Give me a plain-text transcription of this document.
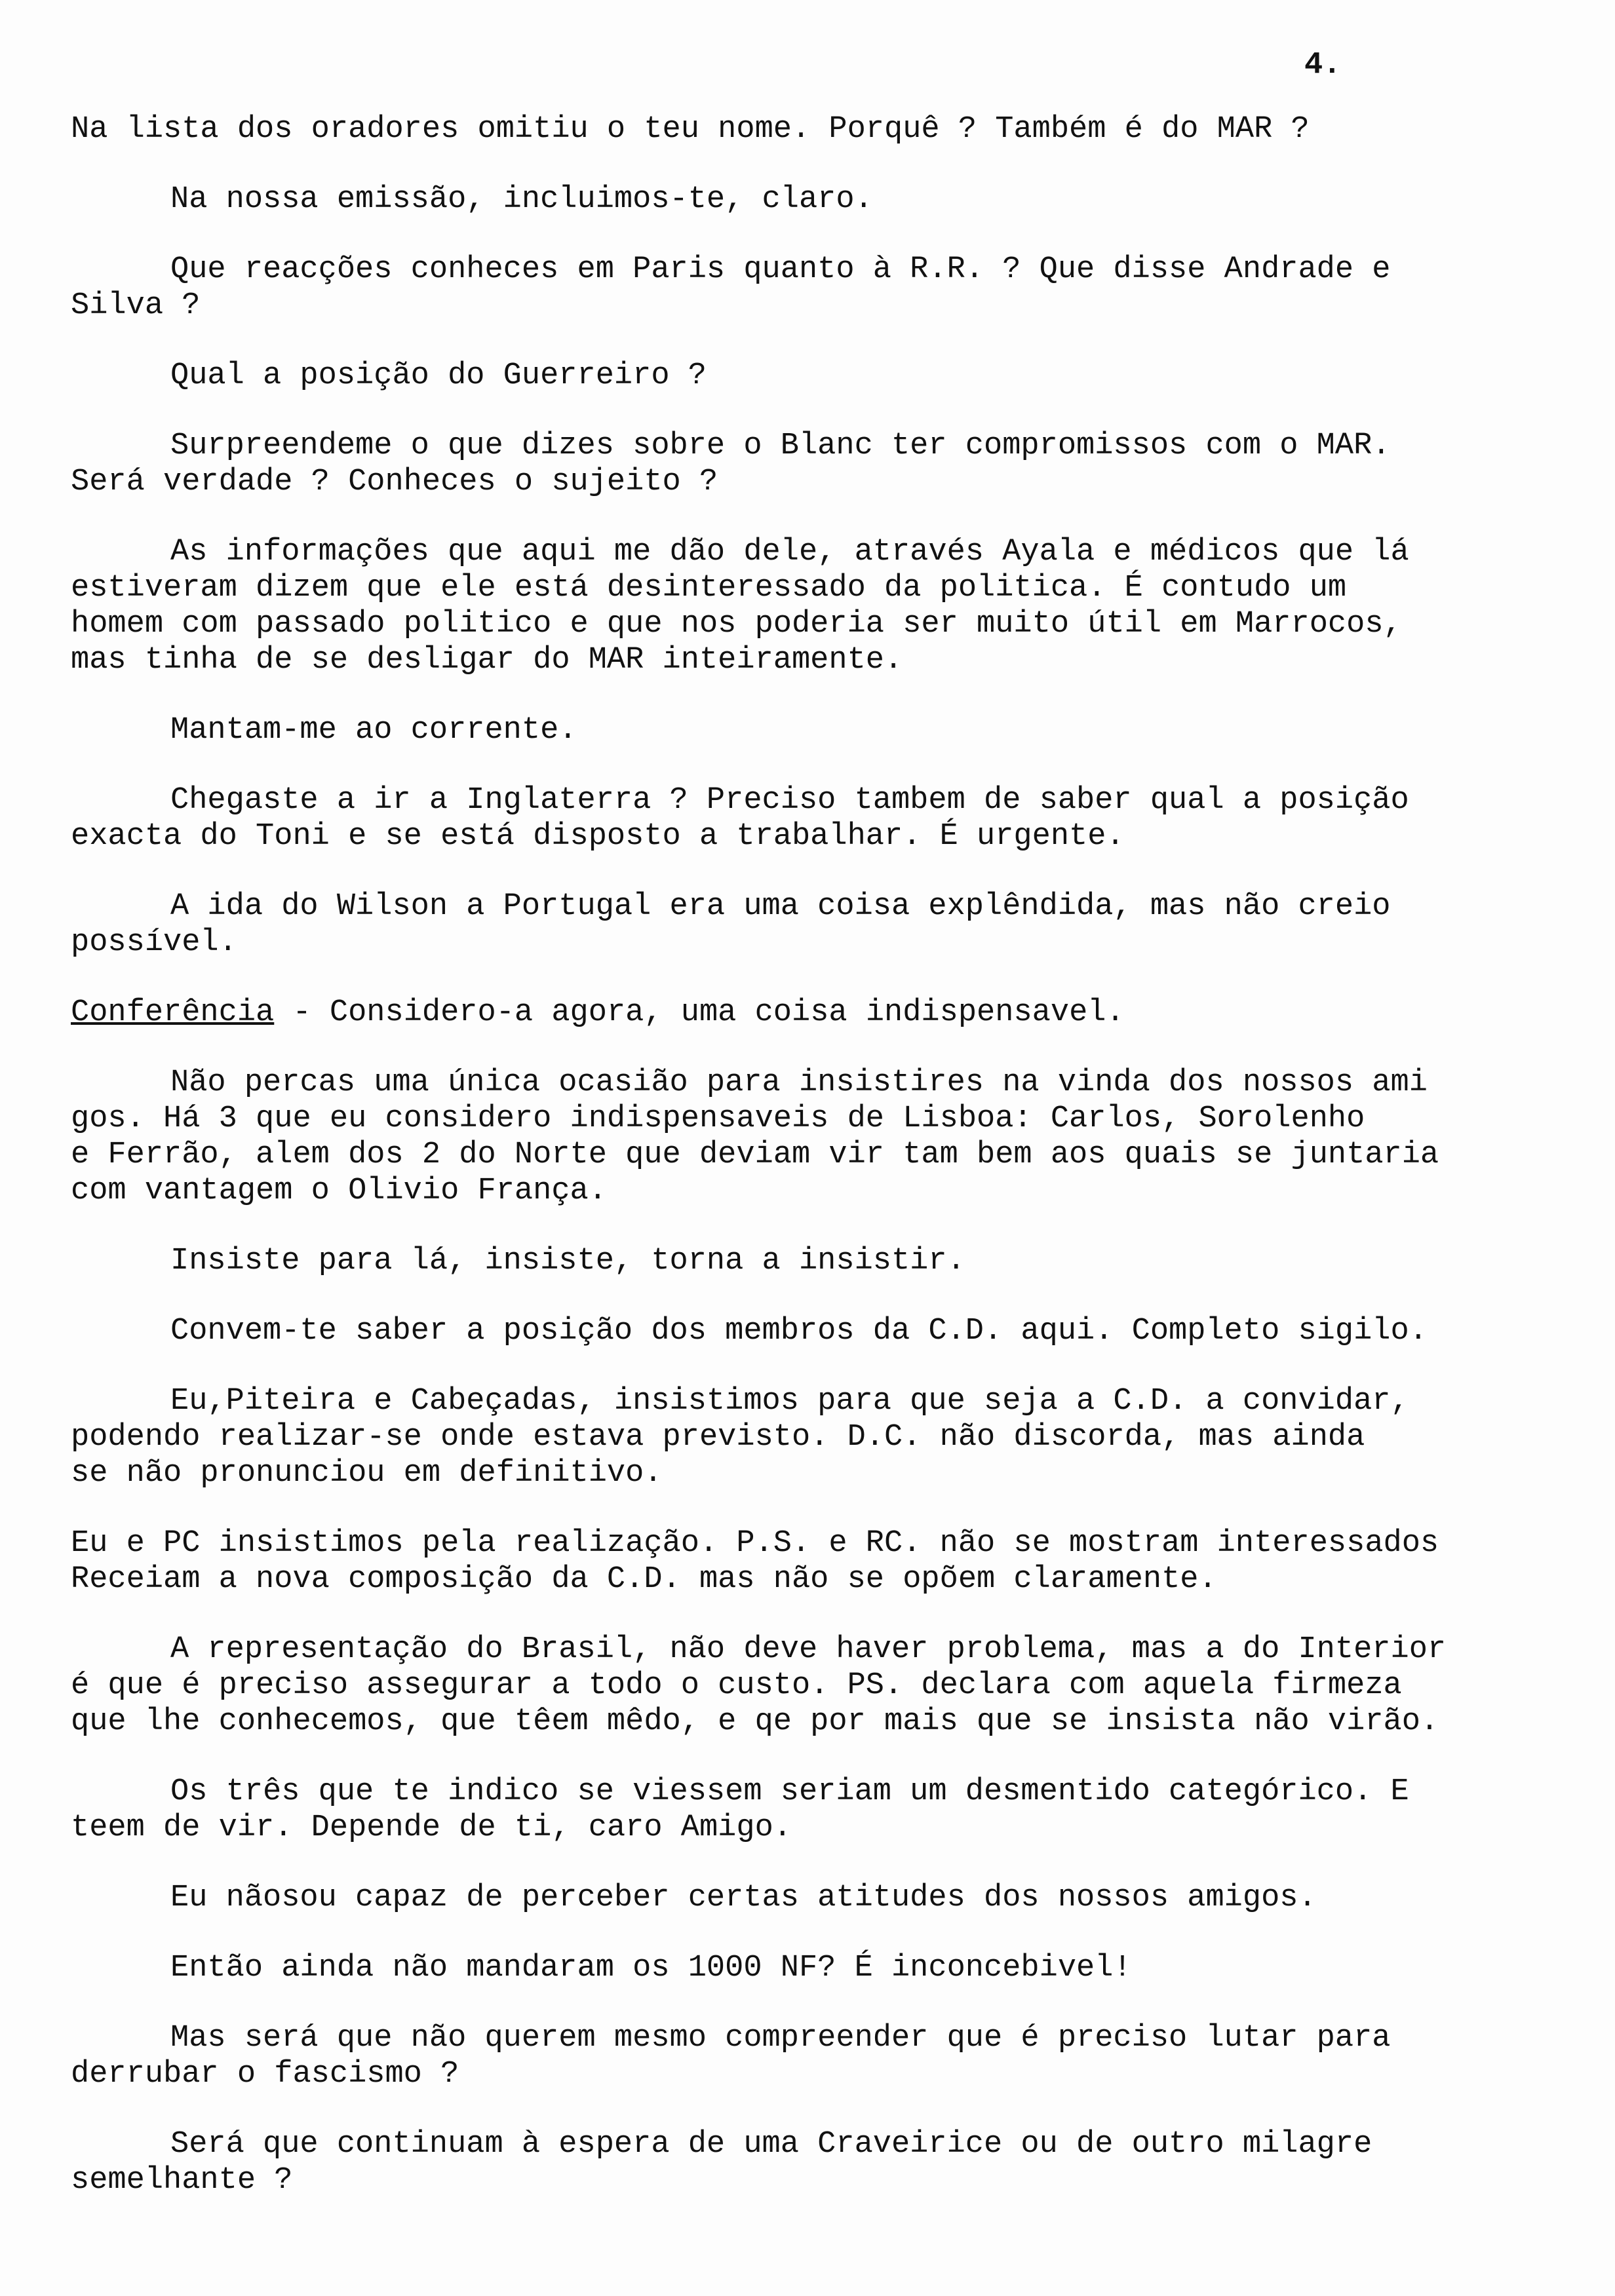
4.
Na lista dos oradores omitiu o teu nome. Porquê ? Também é do MAR ?
Na nossa emissão, incluimos-te, claro.
Que reacções conheces em Paris quanto à R.R. ? Que disse Andrade e
Silva ?
Qual a posição do Guerreiro ?
Surpreendeme o que dizes sobre o Blanc ter compromissos com o MAR.
Será verdade ? Conheces o sujeito ?
As informações que aqui me dão dele, através Ayala e médicos que lá
estiveram dizem que ele está desinteressado da politica. É contudo um
homem com passado politico e que nos poderia ser muito útil em Marrocos,
mas tinha de se desligar do MAR inteiramente.
Mantam-me ao corrente.
Chegaste a ir a Inglaterra ? Preciso tambem de saber qual a posição
exacta do Toni e se está disposto a trabalhar. É urgente.
A ida do Wilson a Portugal era uma coisa explêndida, mas não creio
possível.
Conferência - Considero-a agora, uma coisa indispensavel.
Não percas uma única ocasião para insistires na vinda dos nossos ami
gos. Há 3 que eu considero indispensaveis de Lisboa: Carlos, Sorolenho
e Ferrão, alem dos 2 do Norte que deviam vir tam bem aos quais se juntaria
com vantagem o Olivio França.
Insiste para lá, insiste, torna a insistir.
Convem-te saber a posição dos membros da C.D. aqui. Completo sigilo.
Eu,Piteira e Cabeçadas, insistimos para que seja a C.D. a convidar,
podendo realizar-se onde estava previsto. D.C. não discorda, mas ainda
se não pronunciou em definitivo.
Eu e PC insistimos pela realização. P.S. e RC. não se mostram interessados
Receiam a nova composição da C.D. mas não se opõem claramente.
A representação do Brasil, não deve haver problema, mas a do Interior
é que é preciso assegurar a todo o custo. PS. declara com aquela firmeza
que lhe conhecemos, que têem mêdo, e qe por mais que se insista não virão.
Os três que te indico se viessem seriam um desmentido categórico. E
teem de vir. Depende de ti, caro Amigo.
Eu nãosou capaz de perceber certas atitudes dos nossos amigos.
Então ainda não mandaram os 1000 NF? É inconcebivel!
Mas será que não querem mesmo compreender que é preciso lutar para
derrubar o fascismo ?
Será que continuam à espera de uma Craveirice ou de outro milagre
semelhante ?
